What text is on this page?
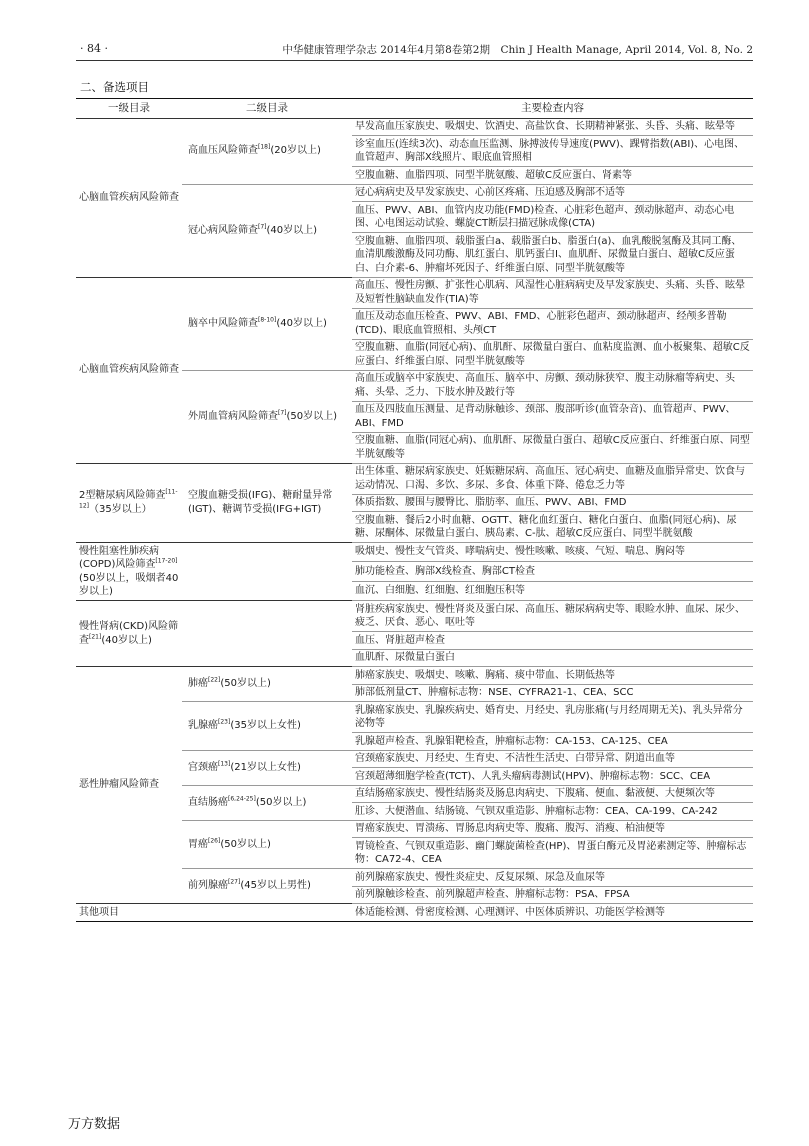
· 84 ·	中华健康管理学杂志 2014年4月第8卷第2期　Chin J Health Manage, April 2014, Vol. 8, No. 2
二、备选项目
一级目录	二级目录	主要检查内容
心脑血管疾病风险筛查	高血压风险筛查[18](20岁以上)	早发高血压家族史、吸烟史、饮酒史、高盐饮食、长期精神紧张、头昏、头痛、眩晕等
		诊室血压(连续3次)、动态血压监测、脉搏波传导速度(PWV)、踝臂指数(ABI)、心电图、血管超声、胸部X线照片、眼底血管照相
		空腹血糖、血脂四项、同型半胱氨酸、超敏C反应蛋白、肾素等
	冠心病风险筛查[7](40岁以上)	冠心病病史及早发家族史、心前区疼痛、压迫感及胸部不适等
		血压、PWV、ABI、血管内皮功能(FMD)检查、心脏彩色超声、颈动脉超声、动态心电图、心电图运动试验、螺旋CT断层扫描冠脉成像(CTA)
		空腹血糖、血脂四项、载脂蛋白a、载脂蛋白b、脂蛋白(a)、血乳酸脱氢酶及其同工酶、血清肌酸激酶及同功酶、肌红蛋白、肌钙蛋白I、血肌酐、尿微量白蛋白、超敏C反应蛋白、白介素-6、肿瘤坏死因子、纤维蛋白原、同型半胱氨酸等
心脑血管疾病风险筛查	脑卒中风险筛查[8-10](40岁以上)	高血压、慢性房颤、扩张性心肌病、风湿性心脏病病史及早发家族史、头痛、头昏、眩晕及短暂性脑缺血发作(TIA)等
		血压及动态血压检查、PWV、ABI、FMD、心脏彩色超声、颈动脉超声、经颅多普勒(TCD)、眼底血管照相、头颅CT
		空腹血糖、血脂(同冠心病)、血肌酐、尿微量白蛋白、血粘度监测、血小板聚集、超敏C反应蛋白、纤维蛋白原、同型半胱氨酸等
	外周血管病风险筛查[7](50岁以上)	高血压或脑卒中家族史、高血压、脑卒中、房颤、颈动脉狭窄、腹主动脉瘤等病史、头痛、头晕、乏力、下肢水肿及跛行等
		血压及四肢血压测量、足背动脉触诊、颈部、腹部听诊(血管杂音)、血管超声、PWV、ABI、FMD
		空腹血糖、血脂(同冠心病)、血肌酐、尿微量白蛋白、超敏C反应蛋白、纤维蛋白原、同型半胱氨酸等
2型糖尿病风险筛查[11-12]（35岁以上）	空腹血糖受损(IFG)、糖耐量异常(IGT)、糖调节受损(IFG+IGT)	出生体重、糖尿病家族史、妊娠糖尿病、高血压、冠心病史、血糖及血脂异常史、饮食与运动情况、口渴、多饮、多尿、多食、体重下降、倦怠乏力等
		体质指数、腰围与腰臀比、脂肪率、血压、PWV、ABI、FMD
		空腹血糖、餐后2小时血糖、OGTT、糖化血红蛋白、糖化白蛋白、血脂(同冠心病)、尿糖、尿酮体、尿微量白蛋白、胰岛素、C-肽、超敏C反应蛋白、同型半胱氨酸
慢性阻塞性肺疾病(COPD)风险筛查[17-20](50岁以上，吸烟者40岁以上)		吸烟史、慢性支气管炎、哮喘病史、慢性咳嗽、咳痰、气短、喘息、胸闷等
		肺功能检查、胸部X线检查、胸部CT检查
		血沉、白细胞、红细胞、红细胞压积等
慢性肾病(CKD)风险筛查[21](40岁以上)		肾脏疾病家族史、慢性肾炎及蛋白尿、高血压、糖尿病病史等、眼睑水肿、血尿、尿少、疲乏、厌食、恶心、呕吐等
		血压、肾脏超声检查
		血肌酐、尿微量白蛋白
恶性肿瘤风险筛查	肺癌[22](50岁以上)	肺癌家族史、吸烟史、咳嗽、胸痛、痰中带血、长期低热等
		肺部低剂量CT、肿瘤标志物：NSE、CYFRA21-1、CEA、SCC
	乳腺癌[23](35岁以上女性)	乳腺癌家族史、乳腺疾病史、婚育史、月经史、乳房胀痛(与月经周期无关)、乳头异常分泌物等
		乳腺超声检查、乳腺钼靶检查，肿瘤标志物：CA-153、CA-125、CEA
	宫颈癌[13](21岁以上女性)	宫颈癌家族史、月经史、生育史、不洁性生活史、白带异常、阴道出血等
		宫颈超薄细胞学检查(TCT)、人乳头瘤病毒测试(HPV)、肿瘤标志物：SCC、CEA
	直结肠癌[6,24-25](50岁以上)	直结肠癌家族史、慢性结肠炎及肠息肉病史、下腹痛、便血、黏液便、大便频次等
		肛诊、大便潜血、结肠镜、气钡双重造影、肿瘤标志物：CEA、CA-199、CA-242
	胃癌[26](50岁以上)	胃癌家族史、胃溃疡、胃肠息肉病史等、腹痛、腹泻、消瘦、柏油便等
		胃镜检查、气钡双重造影、幽门螺旋菌检查(HP)、胃蛋白酶元及胃泌素测定等、肿瘤标志物：CA72-4、CEA
	前列腺癌[27](45岁以上男性)	前列腺癌家族史、慢性炎症史、反复尿频、尿急及血尿等
		前列腺触诊检查、前列腺超声检查、肿瘤标志物：PSA、FPSA
其他项目		体适能检测、骨密度检测、心理测评、中医体质辨识、功能医学检测等
万方数据
